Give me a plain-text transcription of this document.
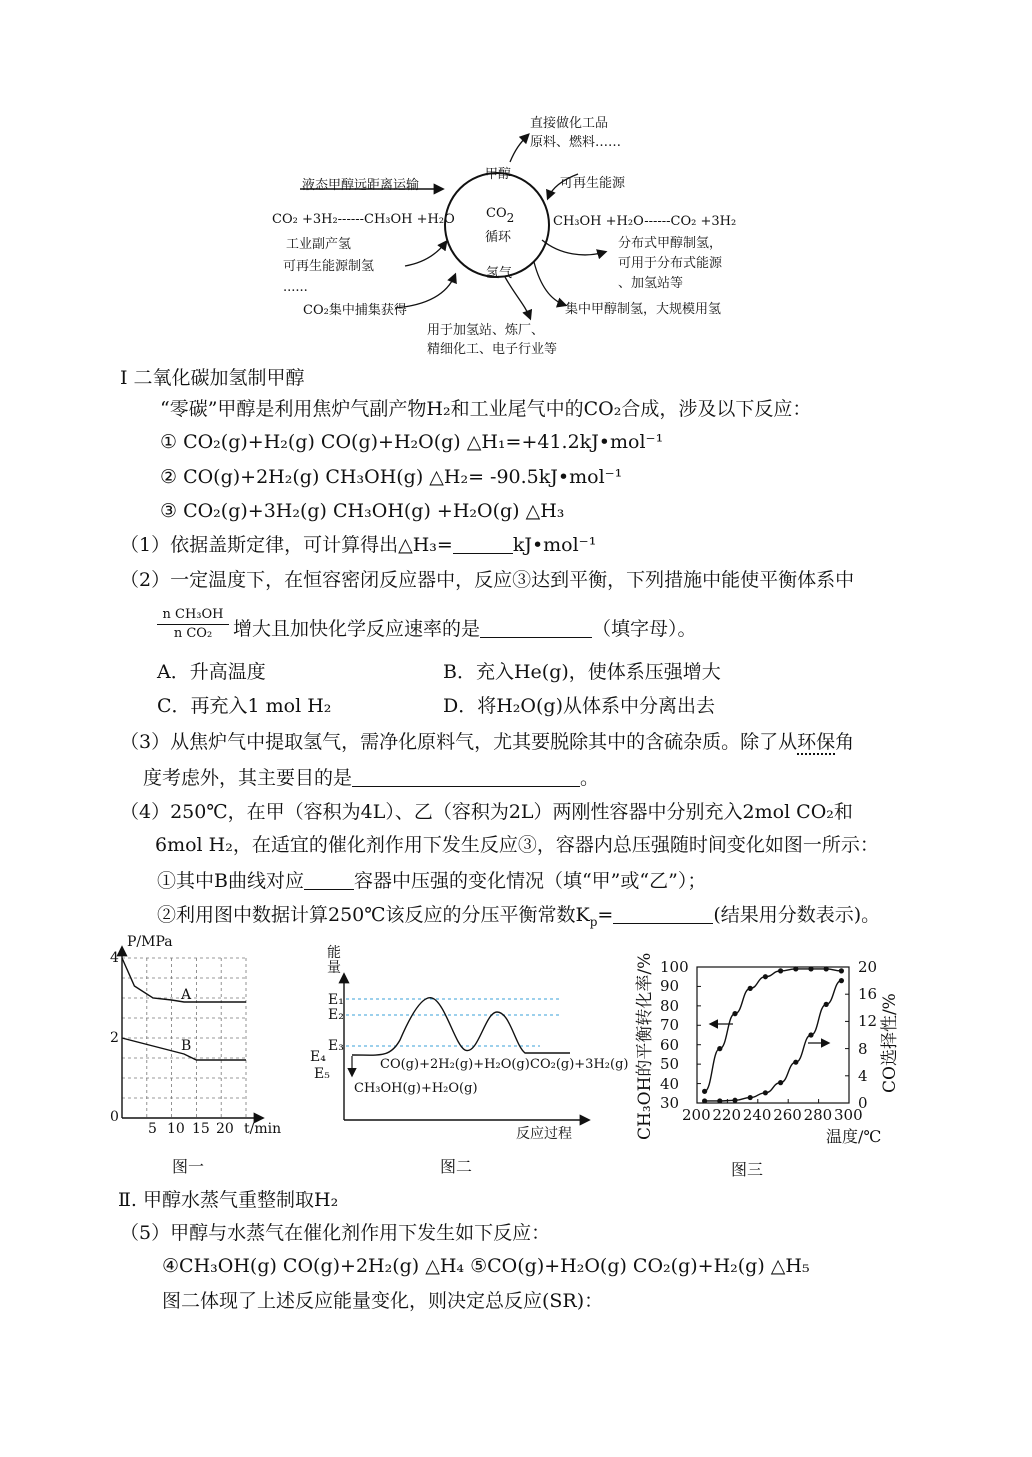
CO2
循环
甲醇
氢气
直接做化工品
原料、燃料……
可再生能源
液态甲醇远距离运输
CO₂ +3H₂------CH₃OH +H₂O	CH₃OH +H₂O------CO₂ +3H₂
工业副产氢
可再生能源制氢
......
CO₂集中捕集获得
分布式甲醇制氢，
可用于分布式能源
、加氢站等
集中甲醇制氢，大规模用氢
用于加氢站、炼厂、
精细化工、电子行业等
Ⅰ 二氧化碳加氢制甲醇
“零碳”甲醇是利用焦炉气副产物H₂和工业尾气中的CO₂合成，涉及以下反应：
① CO₂(g)+H₂(g) CO(g)+H₂O(g) △H₁=+41.2kJ•mol⁻¹
② CO(g)+2H₂(g) CH₃OH(g) △H₂= -90.5kJ•mol⁻¹
③ CO₂(g)+3H₂(g) CH₃OH(g) +H₂O(g) △H₃
（1）依据盖斯定律，可计算得出△H₃=	kJ•mol⁻¹
（2）一定温度下，在恒容密闭反应器中，反应③达到平衡，下列措施中能使平衡体系中
n CH₃OH
n CO₂	增大且加快化学反应速率的是	（填字母）。
A．升高温度	B．充入He(g)，使体系压强增大
C．再充入1 mol H₂	D．将H₂O(g)从体系中分离出去
（3）从焦炉气中提取氢气，需净化原料气，尤其要脱除其中的含硫杂质。除了从环保角
度考虑外，其主要目的是	。
（4）250℃，在甲（容积为4L）、乙（容积为2L）两刚性容器中分别充入2mol CO₂和
6mol H₂，在适宜的催化剂作用下发生反应③，容器内总压强随时间变化如图一所示：
①其中B曲线对应	容器中压强的变化情况（填“甲”或“乙”）；
②利用图中数据计算250℃该反应的分压平衡常数$K_p=$	(结果用分数表示)。
P/MPa
t/min
4
2
0
5 10 15 20
A
B
图一
能量
反应过程
E₁
E₂
E₃
E₄
E₅
CO(g)+2H₂(g)+H₂O(g) CO₂(g)+3H₂(g)
CH₃OH(g)+H₂O(g)
图二
CH₃OH的平衡转化率/%	CO选择性/%
温度/℃
100
90
80
70
60
50
40
30
20
16
12
8
4
0
200 220 240 260 280 300
图三
Ⅱ. 甲醇水蒸气重整制取H₂
（5）甲醇与水蒸气在催化剂作用下发生如下反应：
④CH₃OH(g) CO(g)+2H₂(g) △H₄ ⑤CO(g)+H₂O(g) CO₂(g)+H₂(g) △H₅
图二体现了上述反应能量变化，则决定总反应(SR)：
